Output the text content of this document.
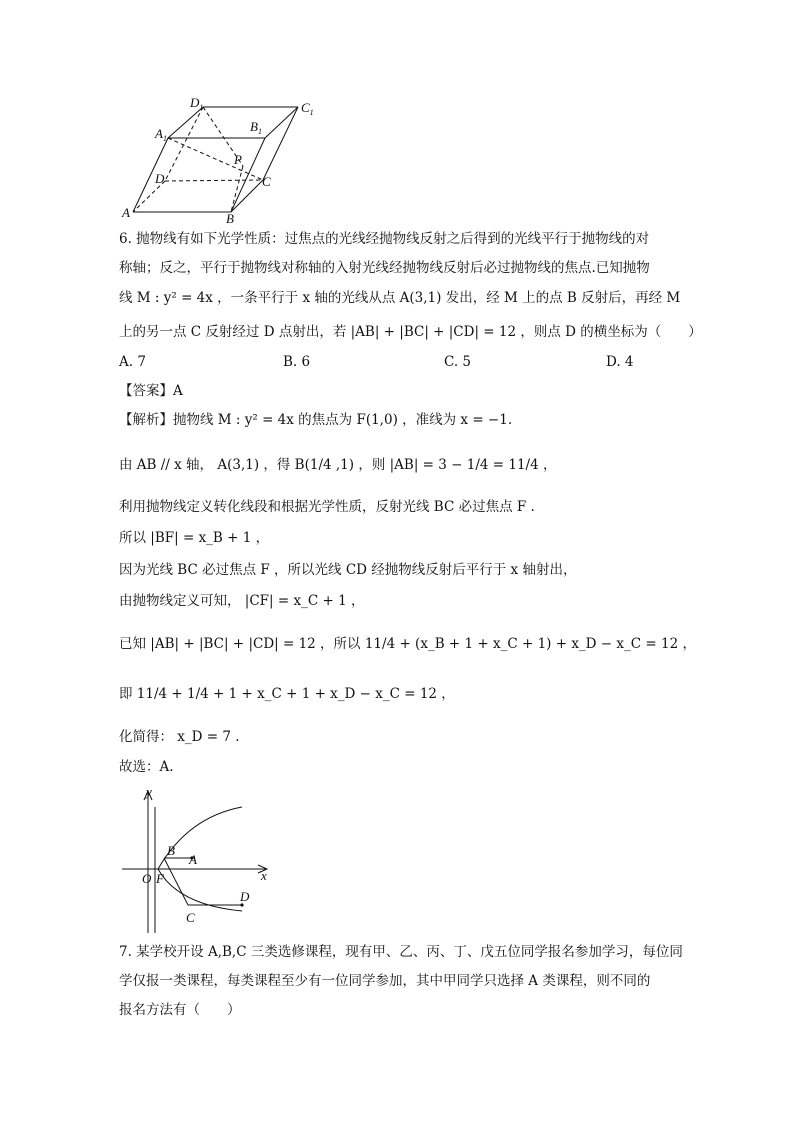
$D_1$
$A_1$
$B_1$
$C_1$
P
D	C
A	B
6. 抛物线有如下光学性质：过焦点的光线经抛物线反射之后得到的光线平行于抛物线的对
称轴；反之，平行于抛物线对称轴的入射光线经抛物线反射后必过抛物线的焦点.已知抛物
线 M : y² = 4x ，一条平行于 x 轴的光线从点 A(3,1) 发出，经 M 上的点 B 反射后，再经 M
上的另一点 C 反射经过 D 点射出，若 |AB| + |BC| + |CD| = 12 ，则点 D 的横坐标为（　　）
A. 7	B. 6	C. 5	D. 4
【答案】A
【解析】抛物线 M : y² = 4x 的焦点为 F(1,0) ，准线为 x = −1.
由 AB // x 轴， A(3,1) ，得 B(1/4 ,1) ，则 |AB| = 3 − 1/4 = 11/4 ，
利用抛物线定义转化线段和根据光学性质，反射光线 BC 必过焦点 F .
所以 |BF| = x_B + 1 ，
因为光线 BC 必过焦点 F ，所以光线 CD 经抛物线反射后平行于 x 轴射出，
由抛物线定义可知， |CF| = x_C + 1 ，
已知 |AB| + |BC| + |CD| = 12 ，所以 11/4 + (x_B + 1 + x_C + 1) + x_D − x_C = 12 ，
即 11/4 + 1/4 + 1 + x_C + 1 + x_D − x_C = 12 ，
化简得： x_D = 7 .
故选：A.
y
x
O F
B
A
C
D
7. 某学校开设 A,B,C 三类选修课程，现有甲、乙、丙、丁、戊五位同学报名参加学习，每位同
学仅报一类课程，每类课程至少有一位同学参加，其中甲同学只选择 A 类课程，则不同的
报名方法有（　　）
